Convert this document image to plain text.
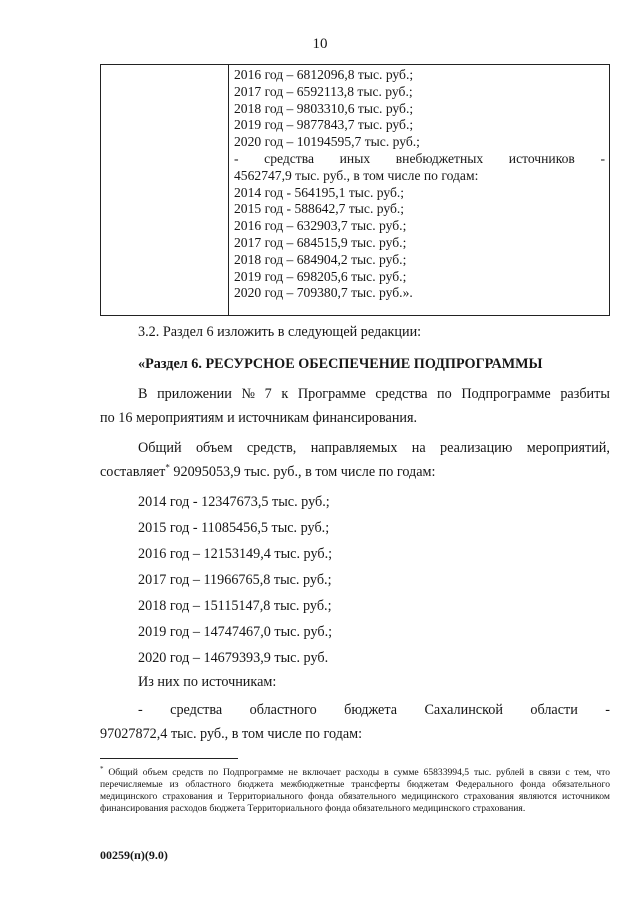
10
2016 год – 6812096,8 тыс. руб.;
2017 год – 6592113,8 тыс. руб.;
2018 год – 9803310,6 тыс. руб.;
2019 год – 9877843,7 тыс. руб.;
2020 год – 10194595,7 тыс. руб.;
- средства иных внебюджетных источников -
4562747,9 тыс. руб., в том числе по годам:
2014 год - 564195,1 тыс. руб.;
2015 год - 588642,7 тыс. руб.;
2016 год – 632903,7 тыс. руб.;
2017 год – 684515,9 тыс. руб.;
2018 год – 684904,2 тыс. руб.;
2019 год – 698205,6 тыс. руб.;
2020 год – 709380,7 тыс. руб.».
3.2. Раздел 6 изложить в следующей редакции:
«Раздел 6. РЕСУРСНОЕ ОБЕСПЕЧЕНИЕ ПОДПРОГРАММЫ
В приложении № 7 к Программе средства по Подпрограмме разбиты
по 16 мероприятиям и источникам финансирования.
Общий объем средств, направляемых на реализацию мероприятий,
составляет* 92095053,9 тыс. руб., в том числе по годам:
2014 год - 12347673,5 тыс. руб.;
2015 год - 11085456,5 тыс. руб.;
2016 год – 12153149,4 тыс. руб.;
2017 год – 11966765,8 тыс. руб.;
2018 год – 15115147,8 тыс. руб.;
2019 год – 14747467,0 тыс. руб.;
2020 год – 14679393,9 тыс. руб.
Из них по источникам:
- средства областного бюджета Сахалинской области -
97027872,4 тыс. руб., в том числе по годам:
* Общий объем средств по Подпрограмме не включает расходы в сумме 65833994,5 тыс. рублей в связи с тем, что перечисляемые из областного бюджета межбюджетные трансферты бюджетам Федерального фонда обязательного медицинского страхования и Территориального фонда обязательного медицинского страхования являются источником финансирования расходов бюджета Территориального фонда обязательного медицинского страхования.
00259(п)(9.0)
